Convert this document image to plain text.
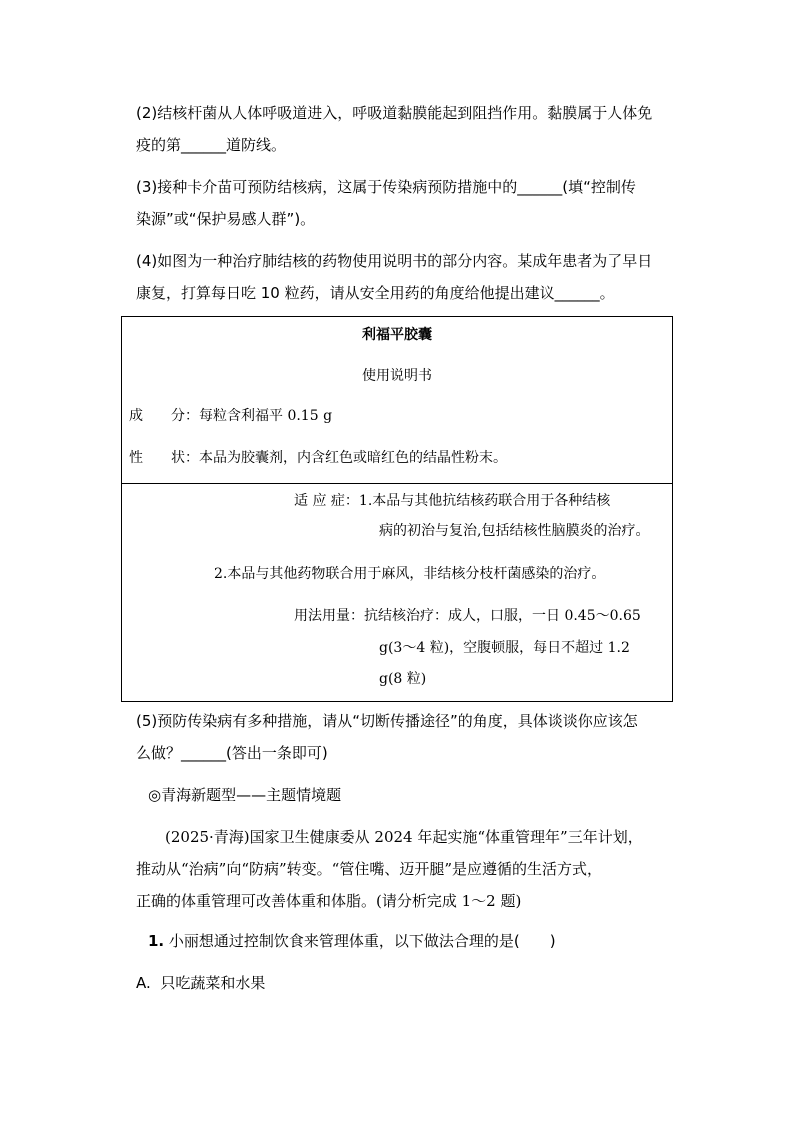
(2)结核杆菌从人体呼吸道进入，呼吸道黏膜能起到阻挡作用。黏膜属于人体免
疫的第______道防线。
(3)接种卡介苗可预防结核病，这属于传染病预防措施中的______(填“控制传
染源”或“保护易感人群”)。
(4)如图为一种治疗肺结核的药物使用说明书的部分内容。某成年患者为了早日
康复，打算每日吃 10 粒药，请从安全用药的角度给他提出建议______。
利福平胶囊
使用说明书
成　　分：每粒含利福平 0.15 g
性　　状：本品为胶囊剂，内含红色或暗红色的结晶性粉末。
适 应 症：1.本品与其他抗结核药联合用于各种结核
病的初治与复治,包括结核性脑膜炎的治疗。
2.本品与其他药物联合用于麻风，非结核分枝杆菌感染的治疗。
用法用量：抗结核治疗：成人，口服，一日 0.45～0.65
g(3～4 粒)，空腹顿服，每日不超过 1.2
g(8 粒)
(5)预防传染病有多种措施，请从“切断传播途径”的角度，具体谈谈你应该怎
么做？______(答出一条即可)
◎青海新题型——主题情境题
(2025·青海)国家卫生健康委从 2024 年起实施“体重管理年”三年计划，
推动从“治病”向“防病”转变。“管住嘴、迈开腿”是应遵循的生活方式，
正确的体重管理可改善体重和体脂。(请分析完成 1～2 题)
1. 小丽想通过控制饮食来管理体重，以下做法合理的是(　　)
A. 只吃蔬菜和水果
